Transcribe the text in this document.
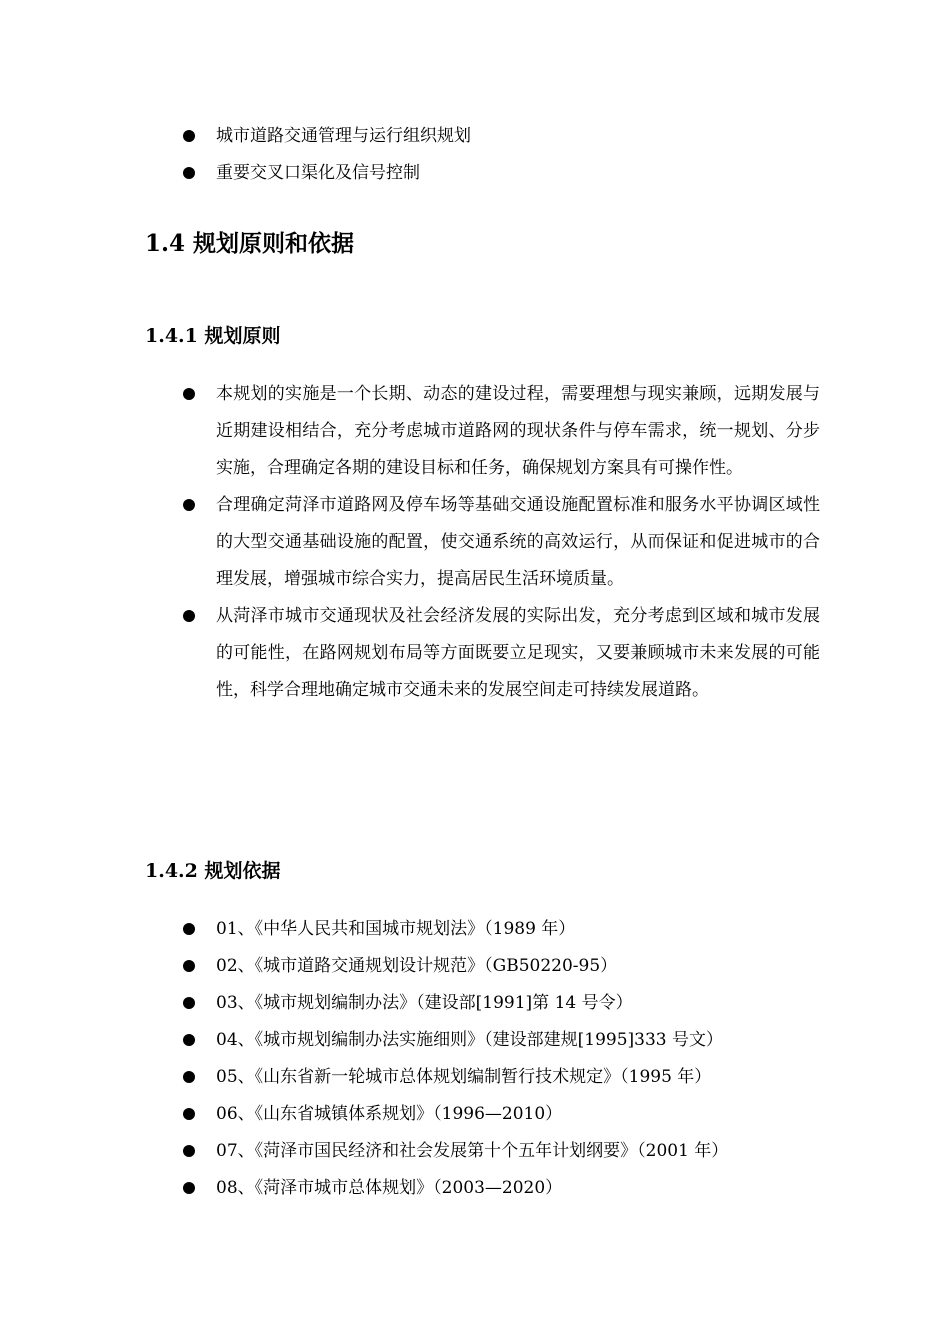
城市道路交通管理与运行组织规划
重要交叉口渠化及信号控制
1.4 规划原则和依据
1.4.1 规划原则
本规划的实施是一个长期、动态的建设过程，需要理想与现实兼顾，远期发展与近期建设相结合，充分考虑城市道路网的现状条件与停车需求，统一规划、分步实施，合理确定各期的建设目标和任务，确保规划方案具有可操作性。
合理确定菏泽市道路网及停车场等基础交通设施配置标准和服务水平协调区域性的大型交通基础设施的配置，使交通系统的高效运行，从而保证和促进城市的合理发展，增强城市综合实力，提高居民生活环境质量。
从菏泽市城市交通现状及社会经济发展的实际出发，充分考虑到区域和城市发展的可能性，在路网规划布局等方面既要立足现实，又要兼顾城市未来发展的可能性，科学合理地确定城市交通未来的发展空间走可持续发展道路。
1.4.2 规划依据
01、《中华人民共和国城市规划法》（1989 年）
02、《城市道路交通规划设计规范》（GB50220-95）
03、《城市规划编制办法》（建设部[1991]第 14 号令）
04、《城市规划编制办法实施细则》（建设部建规[1995]333 号文）
05、《山东省新一轮城市总体规划编制暂行技术规定》（1995 年）
06、《山东省城镇体系规划》（1996—2010）
07、《菏泽市国民经济和社会发展第十个五年计划纲要》（2001 年）
08、《菏泽市城市总体规划》（2003—2020）
